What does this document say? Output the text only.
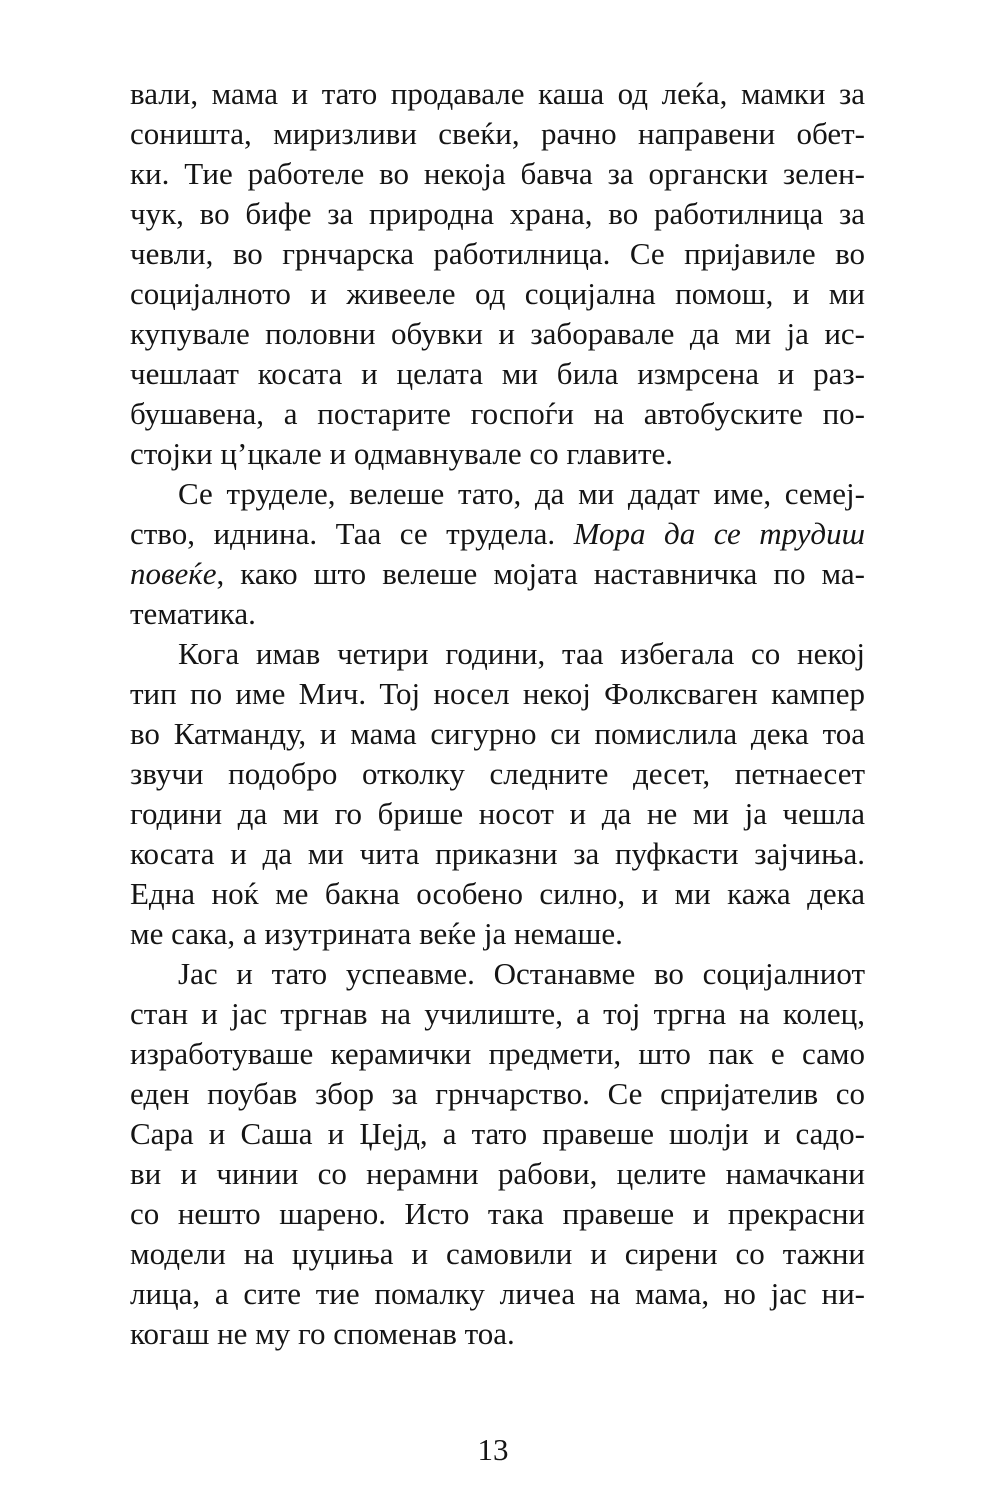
вали, мама и тато продавале каша од леќа, мамки за
соништа, миризливи свеќи, рачно направени обет-
ки. Тие работеле во некоја бавча за органски зелен-
чук, во бифе за природна храна, во работилница за
чевли, во грнчарска работилница. Се пријавиле во
социјалното и живееле од социјална помош, и ми
купувале половни обувки и заборавале да ми ја ис-
чешлаат косата и целата ми била измрсена и раз-
бушавена, а постарите госпоѓи на автобуските по-
стојки ц’цкале и одмавнувале со главите.
Се труделе, велеше тато, да ми дадат име, семеј-
ство, иднина. Таа се трудела. Мора да се трудиш
повеќе, како што велеше мојата наставничка по ма-
тематика.
Кога имав четири години, таа избегала со некој
тип по име Мич. Тој носел некој Фолксваген кампер
во Катманду, и мама сигурно си помислила дека тоа
звучи подобро отколку следните десет, петнаесет
години да ми го брише носот и да не ми ја чешла
косата и да ми чита приказни за пуфкасти зајчиња.
Една ноќ ме бакна особено силно, и ми кажа дека
ме сака, а изутрината веќе ја немаше.
Јас и тато успеавме. Останавме во социјалниот
стан и јас тргнав на училиште, а тој тргна на колец,
изработуваше керамички предмети, што пак е само
еден поубав збор за грнчарство. Се спријателив со
Сара и Саша и Џејд, а тато правеше шолји и садо-
ви и чинии со нерамни рабови, целите намачкани
со нешто шарено. Исто така правеше и прекрасни
модели на џуџиња и самовили и сирени со тажни
лица, а сите тие помалку личеа на мама, но јас ни-
когаш не му го споменав тоа.
13
